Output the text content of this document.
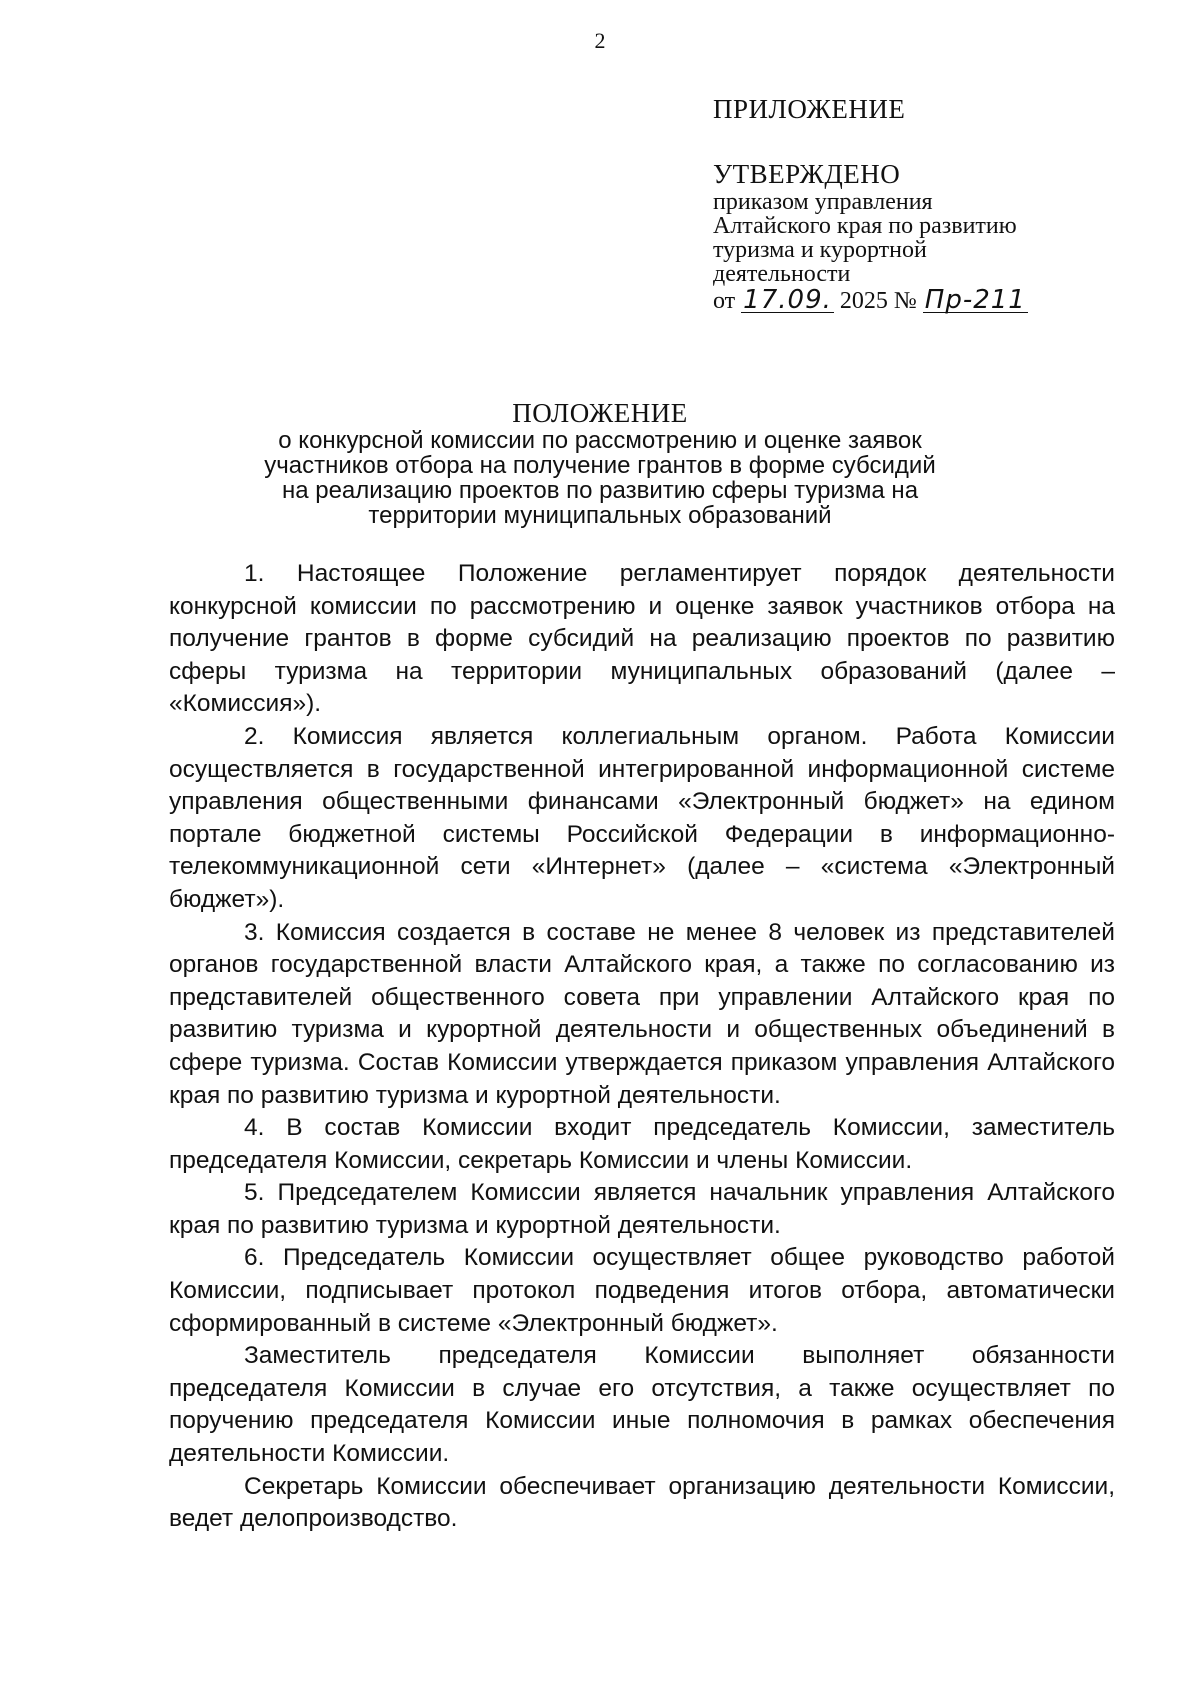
2

ПРИЛОЖЕНИЕ

УТВЕРЖДЕНО

приказом управления

Алтайского края по развитию

туризма и курортной

деятельности

от 17.09. 2025 № Пр-211

ПОЛОЖЕНИЕ

о конкурсной комиссии по рассмотрению и оценке заявок

участников отбора на получение грантов в форме субсидий

на реализацию проектов по развитию сферы туризма на

территории муниципальных образований

1. Настоящее Положение регламентирует порядок деятельности конкурсной комиссии по рассмотрению и оценке заявок участников отбора на получение грантов в форме субсидий на реализацию проектов по развитию сферы туризма на территории муниципальных образований (далее – «Комиссия»).

2. Комиссия является коллегиальным органом. Работа Комиссии осуществляется в государственной интегрированной информационной системе управления общественными финансами «Электронный бюджет» на едином портале бюджетной системы Российской Федерации в информационно-телекоммуникационной сети «Интернет» (далее – «система «Электронный бюджет»).

3. Комиссия создается в составе не менее 8 человек из представителей органов государственной власти Алтайского края, а также по согласованию из представителей общественного совета при управлении Алтайского края по развитию туризма и курортной деятельности и общественных объединений в сфере туризма. Состав Комиссии утверждается приказом управления Алтайского края по развитию туризма и курортной деятельности.

4. В состав Комиссии входит председатель Комиссии, заместитель председателя Комиссии, секретарь Комиссии и члены Комиссии.

5. Председателем Комиссии является начальник управления Алтайского края по развитию туризма и курортной деятельности.

6. Председатель Комиссии осуществляет общее руководство работой Комиссии, подписывает протокол подведения итогов отбора, автоматически сформированный в системе «Электронный бюджет».

Заместитель председателя Комиссии выполняет обязанности председателя Комиссии в случае его отсутствия, а также осуществляет по поручению председателя Комиссии иные полномочия в рамках обеспечения деятельности Комиссии.

Секретарь Комиссии обеспечивает организацию деятельности Комиссии, ведет делопроизводство.
